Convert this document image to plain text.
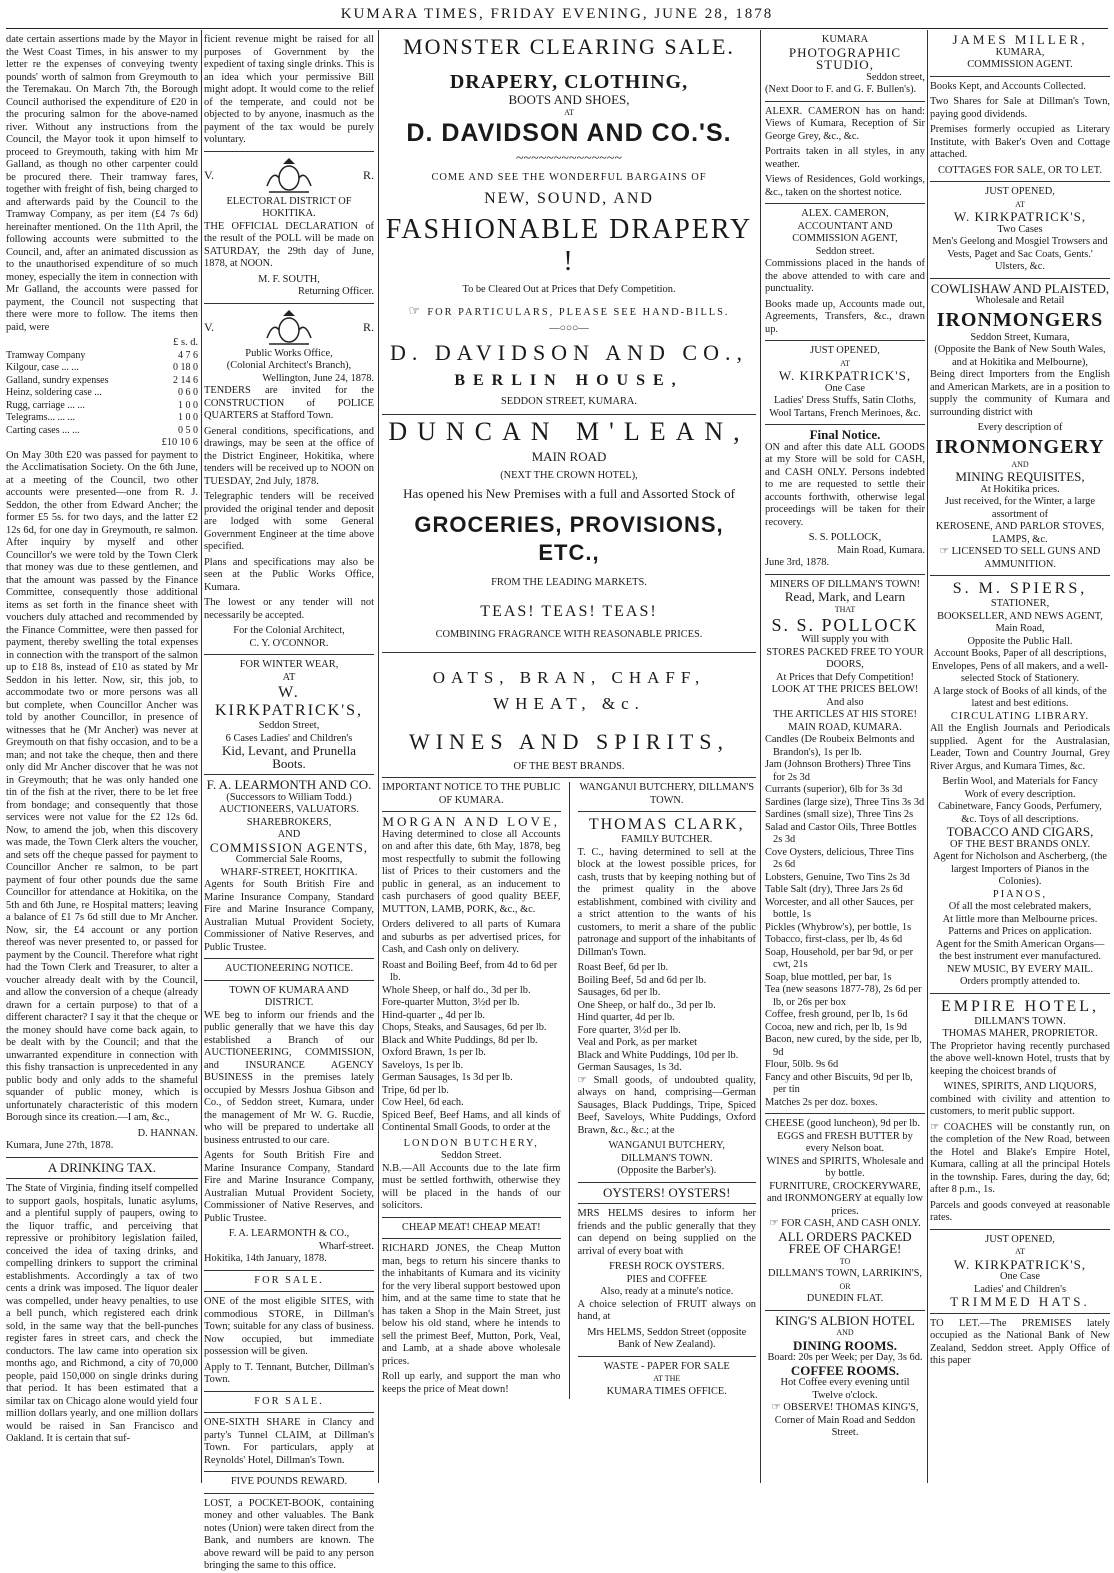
KUMARA TIMES, FRIDAY EVENING, JUNE 28, 1878

date certain assertions made by the Mayor in the West Coast Times, in his answer to my letter re the expenses of conveying twenty pounds' worth of salmon from Greymouth to the Teremakau. On March 7th, the Borough Council authorised the expenditure of £20 in the procuring salmon for the above-named river. Without any instructions from the Council, the Mayor took it upon himself to proceed to Greymouth, taking with him Mr Galland, as though no other carpenter could be procured there. Their tramway fares, together with freight of fish, being charged to and afterwards paid by the Council to the Tramway Company, as per item (£4 7s 6d) hereinafter mentioned. On the 11th April, the following accounts were submitted to the Council, and, after an animated discussion as to the unauthorised expenditure of so much money, especially the item in connection with Mr Galland, the accounts were passed for payment, the Council not suspecting that there were more to follow. The items then paid, were

£ s. d.
Tramway Company	4 7 6
Kilgour, case ... ...	0 18 0
Galland, sundry expenses	2 14 6
Heinz, soldering case ...	0 6 0
Rugg, carriage ... ...	1 0 0
Telegrams... ... ...	1 0 0
Carting cases ... ...	0 5 0
£10 10 6

On May 30th £20 was passed for payment to the Acclimatisation Society. On the 6th June, at a meeting of the Council, two other accounts were presented—one from R. J. Seddon, the other from Edward Ancher; the former £5 5s. for two days, and the latter £2 12s 6d, for one day in Greymouth, re salmon. After inquiry by myself and other Councillor's we were told by the Town Clerk that money was due to these gentlemen, and that the amount was passed by the Finance Committee, consequently those additional items as set forth in the finance sheet with vouchers duly attached and recommended by the Finance Committee, were then passed for payment, thereby swelling the total expenses in connection with the transport of the salmon up to £18 8s, instead of £10 as stated by Mr Seddon in his letter. Now, sir, this job, to accommodate two or more persons was all but complete, when Councillor Ancher was told by another Councillor, in presence of witnesses that he (Mr Ancher) was never at Greymouth on that fishy occasion, and to be a man; and not take the cheque, then and there only did Mr Ancher discover that he was not in Greymouth; that he was only handed one tin of the fish at the river, there to be let free from bondage; and consequently that those services were not value for the £2 12s 6d. Now, to amend the job, when this discovery was made, the Town Clerk alters the voucher, and sets off the cheque passed for payment to Councillor Ancher re salmon, to be part payment of four other pounds due the same Councillor for attendance at Hokitika, on the 5th and 6th June, re Hospital matters; leaving a balance of £1 7s 6d still due to Mr Ancher. Now, sir, the £4 account or any portion thereof was never presented to, or passed for payment by the Council. Therefore what right had the Town Clerk and Treasurer, to alter a voucher already dealt with by the Council, and allow the conversion of a cheque (already drawn for a certain purpose) to that of a different character? I say it that the cheque or the money should have come back again, to be dealt with by the Council; and that the unwarranted expenditure in connection with this fishy transaction is unprecedented in any public body and only adds to the shameful squander of public money, which is unfortunately characteristic of this modern Borough since its creation.—I am, &c.,

D. HANNAN.
Kumara, June 27th, 1878.
A DRINKING TAX.

The State of Virginia, finding itself compelled to support gaols, hospitals, lunatic asylums, and a plentiful supply of paupers, owing to the liquor traffic, and perceiving that repressive or prohibitory legislation failed, conceived the idea of taxing drinks, and compelling drinkers to support the criminal establishments. Accordingly a tax of two cents a drink was imposed. The liquor dealer was compelled, under heavy penalties, to use a bell punch, which registered each drink sold, in the same way that the bell-punches register fares in street cars, and check the conductors. The law came into operation six months ago, and Richmond, a city of 70,000 people, paid 150,000 on single drinks during that period. It has been estimated that a similar tax on Chicago alone would yield four million dollars yearly, and one million dollars would be raised in San Francisco and Oakland. It is certain that suf-

ficient revenue might be raised for all purposes of Government by the expedient of taxing single drinks. This is an idea which your permissive Bill might adopt. It would come to the relief of the temperate, and could not be objected to by anyone, inasmuch as the payment of the tax would be purely voluntary.

V.	R.
ELECTORAL DISTRICT OF HOKITIKA.

THE OFFICIAL DECLARATION of the result of the POLL will be made on SATURDAY, the 29th day of June, 1878, at NOON.

M. F. SOUTH,
Returning Officer.
V.	R.
Public Works Office,
(Colonial Architect's Branch),
Wellington, June 24, 1878.

TENDERS are invited for the CONSTRUCTION of POLICE QUARTERS at Stafford Town.

General conditions, specifications, and drawings, may be seen at the office of the District Engineer, Hokitika, where tenders will be received up to NOON on TUESDAY, 2nd July, 1878.

Telegraphic tenders will be received provided the original tender and deposit are lodged with some General Government Engineer at the time above specified.

Plans and specifications may also be seen at the Public Works Office, Kumara.

The lowest or any tender will not necessarily be accepted.

For the Colonial Architect,
C. Y. O'CONNOR.
FOR WINTER WEAR,
AT
W. KIRKPATRICK'S,
Seddon Street,
6 Cases Ladies' and Children's
Kid, Levant, and Prunella Boots.
F. A. LEARMONTH AND CO.
(Successors to William Todd.)
AUCTIONEERS, VALUATORS.
SHAREBROKERS,
AND
COMMISSION AGENTS,
Commercial Sale Rooms,
WHARF-STREET, HOKITIKA.

Agents for South British Fire and Marine Insurance Company, Standard Fire and Marine Insurance Company, Australian Mutual Provident Society, Commissioner of Native Reserves, and Public Trustee.

AUCTIONEERING NOTICE.
TOWN OF KUMARA AND DISTRICT.

WE beg to inform our friends and the public generally that we have this day established a Branch of our AUCTIONEERING, COMMISSION, and INSURANCE AGENCY BUSINESS in the premises lately occupied by Messrs Joshua Gibson and Co., of Seddon street, Kumara, under the management of Mr W. G. Rucdie, who will be prepared to undertake all business entrusted to our care.

Agents for South British Fire and Marine Insurance Company, Standard Fire and Marine Insurance Company, Australian Mutual Provident Society, Commissioner of Native Reserves, and Public Trustee.

F. A. LEARMONTH & CO.,
Wharf-street.
Hokitika, 14th January, 1878.
FOR SALE.

ONE of the most eligible SITES, with commodious STORE, in Dillman's Town; suitable for any class of business. Now occupied, but immediate possession will be given.

Apply to T. Tennant, Butcher, Dillman's Town.

FOR SALE.

ONE-SIXTH SHARE in Clancy and party's Tunnel CLAIM, at Dillman's Town. For particulars, apply at Reynolds' Hotel, Dillman's Town.

FIVE POUNDS REWARD.

LOST, a POCKET-BOOK, containing money and other valuables. The Bank notes (Union) were taken direct from the Bank, and numbers are known. The above reward will be paid to any person bringing the same to this office.

MONSTER CLEARING SALE.
DRAPERY, CLOTHING,
BOOTS AND SHOES,
AT
D. DAVIDSON AND CO.'S.
~~~~~~~~~~~~~~
COME AND SEE THE WONDERFUL BARGAINS OF
NEW, SOUND, AND
FASHIONABLE DRAPERY !
To be Cleared Out at Prices that Defy Competition.
☞ FOR PARTICULARS, PLEASE SEE HAND-BILLS.
—○○○—
D. DAVIDSON AND CO.,
BERLIN HOUSE,
SEDDON STREET, KUMARA.
DUNCAN M'LEAN,
MAIN ROAD
(NEXT THE CROWN HOTEL),
Has opened his New Premises with a full and Assorted Stock of
GROCERIES, PROVISIONS, ETC.,
FROM THE LEADING MARKETS.
TEAS! TEAS! TEAS!
COMBINING FRAGRANCE WITH REASONABLE PRICES.
OATS, BRAN, CHAFF, WHEAT, &c.
WINES AND SPIRITS,
OF THE BEST BRANDS.
IMPORTANT NOTICE TO THE PUBLIC OF KUMARA.
MORGAN AND LOVE,

Having determined to close all Accounts on and after this date, 6th May, 1878, beg most respectfully to submit the following list of Prices to their customers and the public in general, as an inducement to cash purchasers of good quality BEEF, MUTTON, LAMB, PORK, &c., &c.

Orders delivered to all parts of Kumara and suburbs as per advertised prices, for Cash, and Cash only on delivery.

Roast and Boiling Beef, from 4d to 6d per lb.
Whole Sheep, or half do., 3d per lb.
Fore-quarter Mutton, 3½d per lb.
Hind-quarter „ 4d per lb.
Chops, Steaks, and Sausages, 6d per lb.
Black and White Puddings, 8d per lb.
Oxford Brawn, 1s per lb.
Saveloys, 1s per lb.
German Sausages, 1s 3d per lb.
Tripe, 6d per lb.
Cow Heel, 6d each.

Spiced Beef, Beef Hams, and all kinds of Continental Small Goods, to order at the

LONDON BUTCHERY,
Seddon Street.

N.B.—All Accounts due to the late firm must be settled forthwith, otherwise they will be placed in the hands of our solicitors.

CHEAP MEAT! CHEAP MEAT!

RICHARD JONES, the Cheap Mutton man, begs to return his sincere thanks to the inhabitants of Kumara and its vicinity for the very liberal support bestowed upon him, and at the same time to state that he has taken a Shop in the Main Street, just below his old stand, where he intends to sell the primest Beef, Mutton, Pork, Veal, and Lamb, at a shade above wholesale prices.

Roll up early, and support the man who keeps the price of Meat down!

WANGANUI BUTCHERY, DILLMAN'S TOWN.
THOMAS CLARK,
FAMILY BUTCHER.

T. C., having determined to sell at the block at the lowest possible prices, for cash, trusts that by keeping nothing but of the primest quality in the above establishment, combined with civility and a strict attention to the wants of his customers, to merit a share of the public patronage and support of the inhabitants of Dillman's Town.

Roast Beef, 6d per lb.
Boiling Beef, 5d and 6d per lb.
Sausages, 6d per lb.
One Sheep, or half do., 3d per lb.
Hind quarter, 4d per lb.
Fore quarter, 3½d per lb.
Veal and Pork, as per market
Black and White Puddings, 10d per lb.
German Sausages, 1s 3d.

☞ Small goods, of undoubted quality, always on hand, comprising—German Sausages, Black Puddings, Tripe, Spiced Beef, Saveloys, White Puddings, Oxford Brawn, &c., &c.; at the

WANGANUI BUTCHERY,
DILLMAN'S TOWN.
(Opposite the Barber's).
OYSTERS! OYSTERS!

MRS HELMS desires to inform her friends and the public generally that they can depend on being supplied on the arrival of every boat with

FRESH ROCK OYSTERS.
PIES and COFFEE
Also, ready at a minute's notice.

A choice selection of FRUIT always on hand, at

Mrs HELMS, Seddon Street (opposite Bank of New Zealand).

WASTE - PAPER FOR SALE
AT THE
KUMARA TIMES OFFICE.
KUMARA
PHOTOGRAPHIC STUDIO,
Seddon street,
(Next Door to F. and G. F. Bullen's).

ALEXR. CAMERON has on hand: Views of Kumara, Reception of Sir George Grey, &c., &c.

Portraits taken in all styles, in any weather.

Views of Residences, Gold workings, &c., taken on the shortest notice.

ALEX. CAMERON,
ACCOUNTANT AND COMMISSION AGENT,
Seddon street.

Commissions placed in the hands of the above attended to with care and punctuality.

Books made up, Accounts made out, Agreements, Transfers, &c., drawn up.

JUST OPENED,
AT
W. KIRKPATRICK'S,
One Case
Ladies' Dress Stuffs, Satin Cloths, Wool Tartans, French Merinoes, &c.
Final Notice.

ON and after this date ALL GOODS at my Store will be sold for CASH, and CASH ONLY. Persons indebted to me are requested to settle their accounts forthwith, otherwise legal proceedings will be taken for their recovery.

S. S. POLLOCK,
Main Road, Kumara.
June 3rd, 1878.
MINERS OF DILLMAN'S TOWN!
Read, Mark, and Learn
THAT
S. S. POLLOCK
Will supply you with
STORES PACKED FREE TO YOUR DOORS,
At Prices that Defy Competition!
LOOK AT THE PRICES BELOW!
And also
THE ARTICLES AT HIS STORE!
MAIN ROAD, KUMARA.
Candles (De Roubeix Belmonts and Brandon's), 1s per lb.
Jam (Johnson Brothers) Three Tins for 2s 3d
Currants (superior), 6lb for 3s 3d
Sardines (large size), Three Tins 3s 3d
Sardines (small size), Three Tins 2s
Salad and Castor Oils, Three Bottles 2s 3d
Cove Oysters, delicious, Three Tins 2s 6d
Lobsters, Genuine, Two Tins 2s 3d
Table Salt (dry), Three Jars 2s 6d
Worcester, and all other Sauces, per bottle, 1s
Pickles (Whybrow's), per bottle, 1s
Tobacco, first-class, per lb, 4s 6d
Soap, Household, per bar 9d, or per cwt, 21s
Soap, blue mottled, per bar, 1s
Tea (new seasons 1877-78), 2s 6d per lb, or 26s per box
Coffee, fresh ground, per lb, 1s 6d
Cocoa, new and rich, per lb, 1s 9d
Bacon, new cured, by the side, per lb, 9d
Flour, 50lb. 9s 6d
Fancy and other Biscuits, 9d per lb, per tin
Matches 2s per doz. boxes.
CHEESE (good luncheon), 9d per lb.
EGGS and FRESH BUTTER by every Nelson boat.
WINES and SPIRITS, Wholesale and by bottle.
FURNITURE, CROCKERYWARE, and IRONMONGERY at equally low prices.
☞ FOR CASH, AND CASH ONLY.
ALL ORDERS PACKED FREE OF CHARGE!
TO
DILLMAN'S TOWN, LARRIKIN'S,
OR
DUNEDIN FLAT.
KING'S ALBION HOTEL
AND
DINING ROOMS.
Board: 20s per Week; per Day, 3s 6d.
COFFEE ROOMS.
Hot Coffee every evening until Twelve o'clock.
☞ OBSERVE! THOMAS KING'S,
Corner of Main Road and Seddon Street.
JAMES MILLER,
KUMARA,
COMMISSION AGENT.

Books Kept, and Accounts Collected.

Two Shares for Sale at Dillman's Town, paying good dividends.

Premises formerly occupied as Literary Institute, with Baker's Oven and Cottage attached.

COTTAGES FOR SALE, OR TO LET.
JUST OPENED,
AT
W. KIRKPATRICK'S,
Two Cases
Men's Geelong and Mosgiel Trowsers and Vests, Paget and Sac Coats, Gents.' Ulsters, &c.
COWLISHAW AND PLAISTED,
Wholesale and Retail
IRONMONGERS
Seddon Street, Kumara,
(Opposite the Bank of New South Wales, and at Hokitika and Melbourne),

Being direct Importers from the English and American Markets, are in a position to supply the community of Kumara and surrounding district with

Every description of
IRONMONGERY
AND
MINING REQUISITES,
At Hokitika prices.
Just received, for the Winter, a large assortment of
KEROSENE, AND PARLOR STOVES, LAMPS, &c.
☞ LICENSED TO SELL GUNS AND AMMUNITION.
S. M. SPIERS,
STATIONER,
BOOKSELLER, AND NEWS AGENT,
Main Road,
Opposite the Public Hall.
Account Books, Paper of all descriptions, Envelopes, Pens of all makers, and a well-selected Stock of Stationery.
A large stock of Books of all kinds, of the latest and best editions.
CIRCULATING LIBRARY.

All the English Journals and Periodicals supplied. Agent for the Australasian, Leader, Town and Country Journal, Grey River Argus, and Kumara Times, &c.

Berlin Wool, and Materials for Fancy Work of every description.
Cabinetware, Fancy Goods, Perfumery, &c. Toys of all descriptions.
TOBACCO AND CIGARS,
OF THE BEST BRANDS ONLY.
Agent for Nicholson and Ascherberg, (the largest Importers of Pianos in the Colonies).
PIANOS,
Of all the most celebrated makers,
At little more than Melbourne prices.
Patterns and Prices on application.
Agent for the Smith American Organs—the best instrument ever manufactured.
NEW MUSIC, BY EVERY MAIL.
Orders promptly attended to.
EMPIRE HOTEL,
DILLMAN'S TOWN.
THOMAS MAHER, PROPRIETOR.

The Proprietor having recently purchased the above well-known Hotel, trusts that by keeping the choicest brands of

WINES, SPIRITS, AND LIQUORS,

combined with civility and attention to customers, to merit public support.

☞ COACHES will be constantly run, on the completion of the New Road, between the Hotel and Blake's Empire Hotel, Kumara, calling at all the principal Hotels in the township. Fares, during the day, 6d; after 8 p.m., 1s.

Parcels and goods conveyed at reasonable rates.

JUST OPENED,
AT
W. KIRKPATRICK'S,
One Case
Ladies' and Children's
TRIMMED HATS.

TO LET.—The PREMISES lately occupied as the National Bank of New Zealand, Seddon street. Apply Office of this paper
